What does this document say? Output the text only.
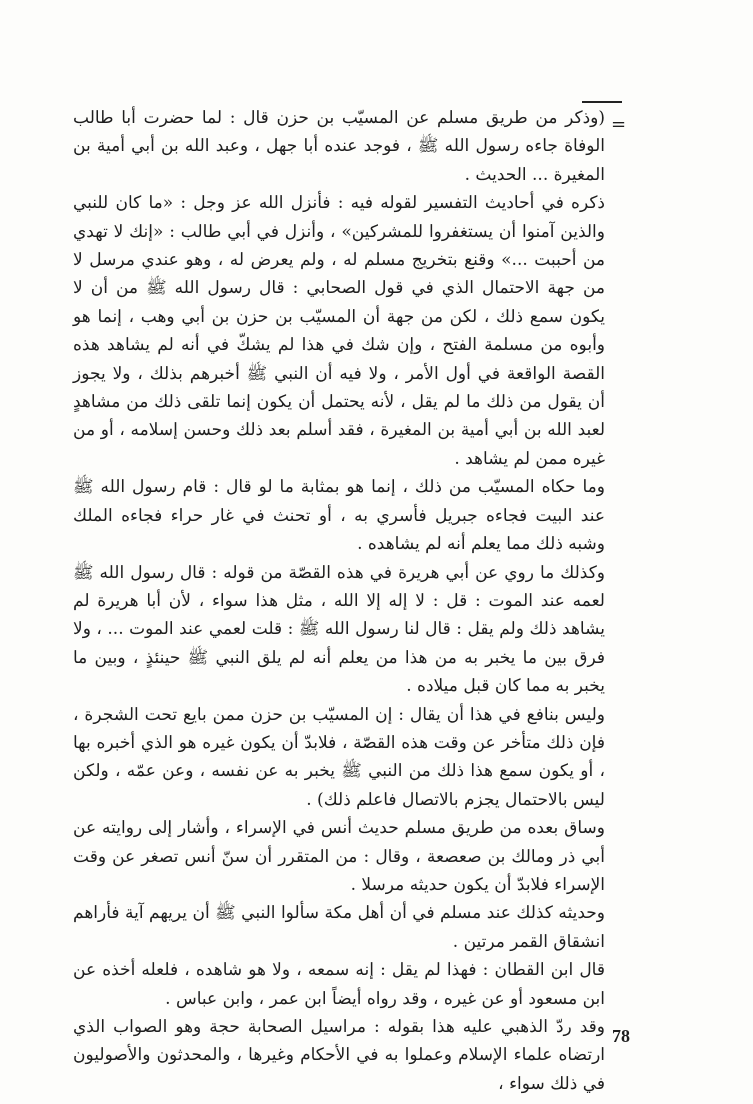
=

(وذكر من طريق مسلم عن المسيّب بن حزن قال : لما حضرت أبا طالب الوفاة جاءه رسول الله ﷺ ، فوجد عنده أبا جهل ، وعبد الله بن أبي أمية بن المغيرة ... الحديث .

ذكره في أحاديث التفسير لقوله فيه : فأنزل الله عز وجل : «ما كان للنبي والذين آمنوا أن يستغفروا للمشركين» ، وأنزل في أبي طالب : «إنك لا تهدي من أحببت ...» وقنع بتخريج مسلم له ، ولم يعرض له ، وهو عندي مرسل لا من جهة الاحتمال الذي في قول الصحابي : قال رسول الله ﷺ من أن لا يكون سمع ذلك ، لكن من جهة أن المسيّب بن حزن بن أبي وهب ، إنما هو وأبوه من مسلمة الفتح ، وإن شك في هذا لم يشكّ في أنه لم يشاهد هذه القصة الواقعة في أول الأمر ، ولا فيه أن النبي ﷺ أخبرهم بذلك ، ولا يجوز أن يقول من ذلك ما لم يقل ، لأنه يحتمل أن يكون إنما تلقى ذلك من مشاهدٍ لعبد الله بن أبي أمية بن المغيرة ، فقد أسلم بعد ذلك وحسن إسلامه ، أو من غيره ممن لم يشاهد .

وما حكاه المسيّب من ذلك ، إنما هو بمثابة ما لو قال : قام رسول الله ﷺ عند البيت فجاءه جبريل فأسري به ، أو تحنث في غار حراء فجاءه الملك وشبه ذلك مما يعلم أنه لم يشاهده .

وكذلك ما روي عن أبي هريرة في هذه القصّة من قوله : قال رسول الله ﷺ لعمه عند الموت : قل : لا إله إلا الله ، مثل هذا سواء ، لأن أبا هريرة لم يشاهد ذلك ولم يقل : قال لنا رسول الله ﷺ : قلت لعمي عند الموت ... ، ولا فرق بين ما يخبر به من هذا من يعلم أنه لم يلق النبي ﷺ حينئذٍ ، وبين ما يخبر به مما كان قبل ميلاده .

وليس بنافع في هذا أن يقال : إن المسيّب بن حزن ممن بايع تحت الشجرة ، فإن ذلك متأخر عن وقت هذه القصّة ، فلابدّ أن يكون غيره هو الذي أخبره بها ، أو يكون سمع هذا ذلك من النبي ﷺ يخبر به عن نفسه ، وعن عمّه ، ولكن ليس بالاحتمال يجزم بالاتصال فاعلم ذلك) .

وساق بعده من طريق مسلم حديث أنس في الإسراء ، وأشار إلى روايته عن أبي ذر ومالك بن صعصعة ، وقال : من المتقرر أن سنّ أنس تصغر عن وقت الإسراء فلابدّ أن يكون حديثه مرسلا .

وحديثه كذلك عند مسلم في أن أهل مكة سألوا النبي ﷺ أن يريهم آية فأراهم انشقاق القمر مرتين .

قال ابن القطان : فهذا لم يقل : إنه سمعه ، ولا هو شاهده ، فلعله أخذه عن ابن مسعود أو عن غيره ، وقد رواه أيضاً ابن عمر ، وابن عباس .

وقد ردّ الذهبي عليه هذا بقوله : مراسيل الصحابة حجة وهو الصواب الذي ارتضاه علماء الإسلام وعملوا به في الأحكام وغيرها ، والمحدثون والأصوليون في ذلك سواء ،

78
